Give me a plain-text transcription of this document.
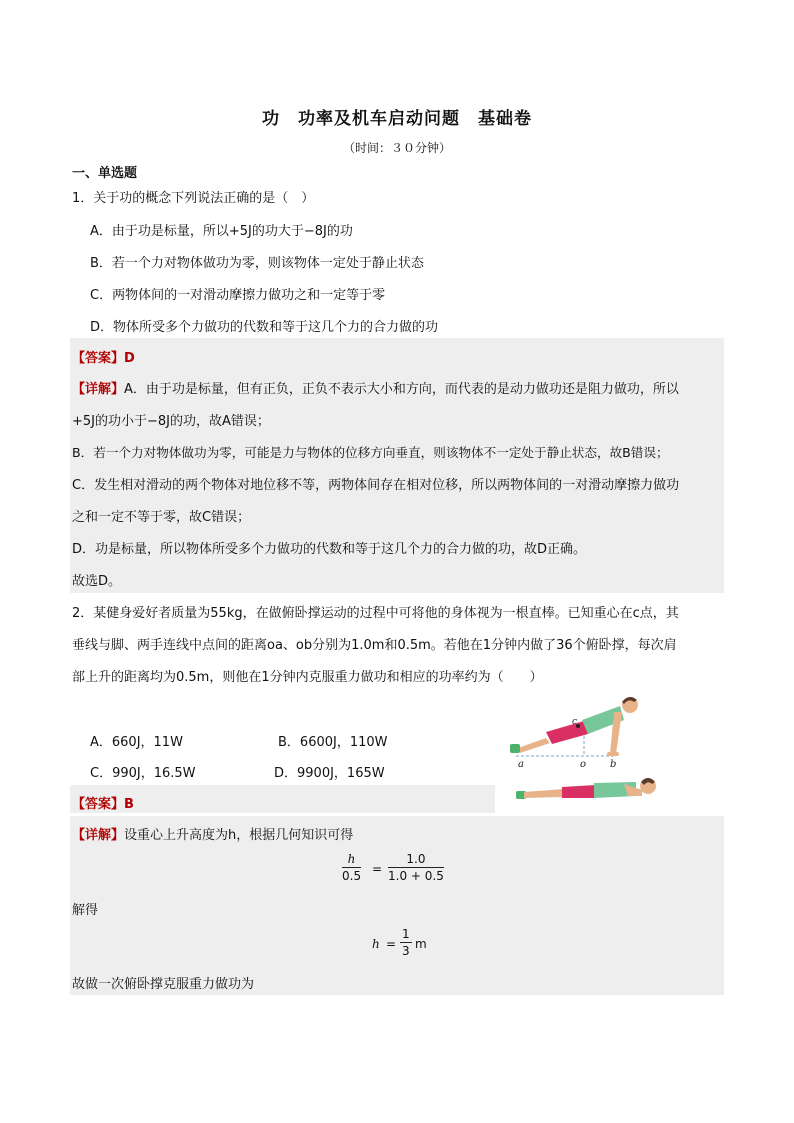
功　功率及机车启动问题　基础卷
（时间：３０分钟）
一、单选题
1．关于功的概念下列说法正确的是（　）
A．由于功是标量，所以+5J的功大于−8J的功
B．若一个力对物体做功为零，则该物体一定处于静止状态
C．两物体间的一对滑动摩擦力做功之和一定等于零
D．物体所受多个力做功的代数和等于这几个力的合力做的功
【答案】D
【详解】A．由于功是标量，但有正负，正负不表示大小和方向，而代表的是动力做功还是阻力做功，所以
+5J的功小于−8J的功，故A错误；
B．若一个力对物体做功为零，可能是力与物体的位移方向垂直，则该物体不一定处于静止状态，故B错误；
C．发生相对滑动的两个物体对地位移不等，两物体间存在相对位移，所以两物体间的一对滑动摩擦力做功
之和一定不等于零，故C错误；
D．功是标量，所以物体所受多个力做功的代数和等于这几个力的合力做的功，故D正确。
故选D。
2．某健身爱好者质量为55kg，在做俯卧撑运动的过程中可将他的身体视为一根直棒。已知重心在c点，其
垂线与脚、两手连线中点间的距离oa、ob分别为1.0m和0.5m。若他在1分钟内做了36个俯卧撑，每次肩
部上升的距离均为0.5m，则他在1分钟内克服重力做功和相应的功率约为（　　）
A．660J，11W	B．6600J，110W
C．990J，16.5W	D．9900J，165W
c
a	o b
【答案】B
【详解】设重心上升高度为h，根据几何知识可得
$\frac{h}{0.5} = \frac{1.0}{1.0 + 0.5}$
解得
$h = \frac{1}{3}$ m
故做一次俯卧撑克服重力做功为
